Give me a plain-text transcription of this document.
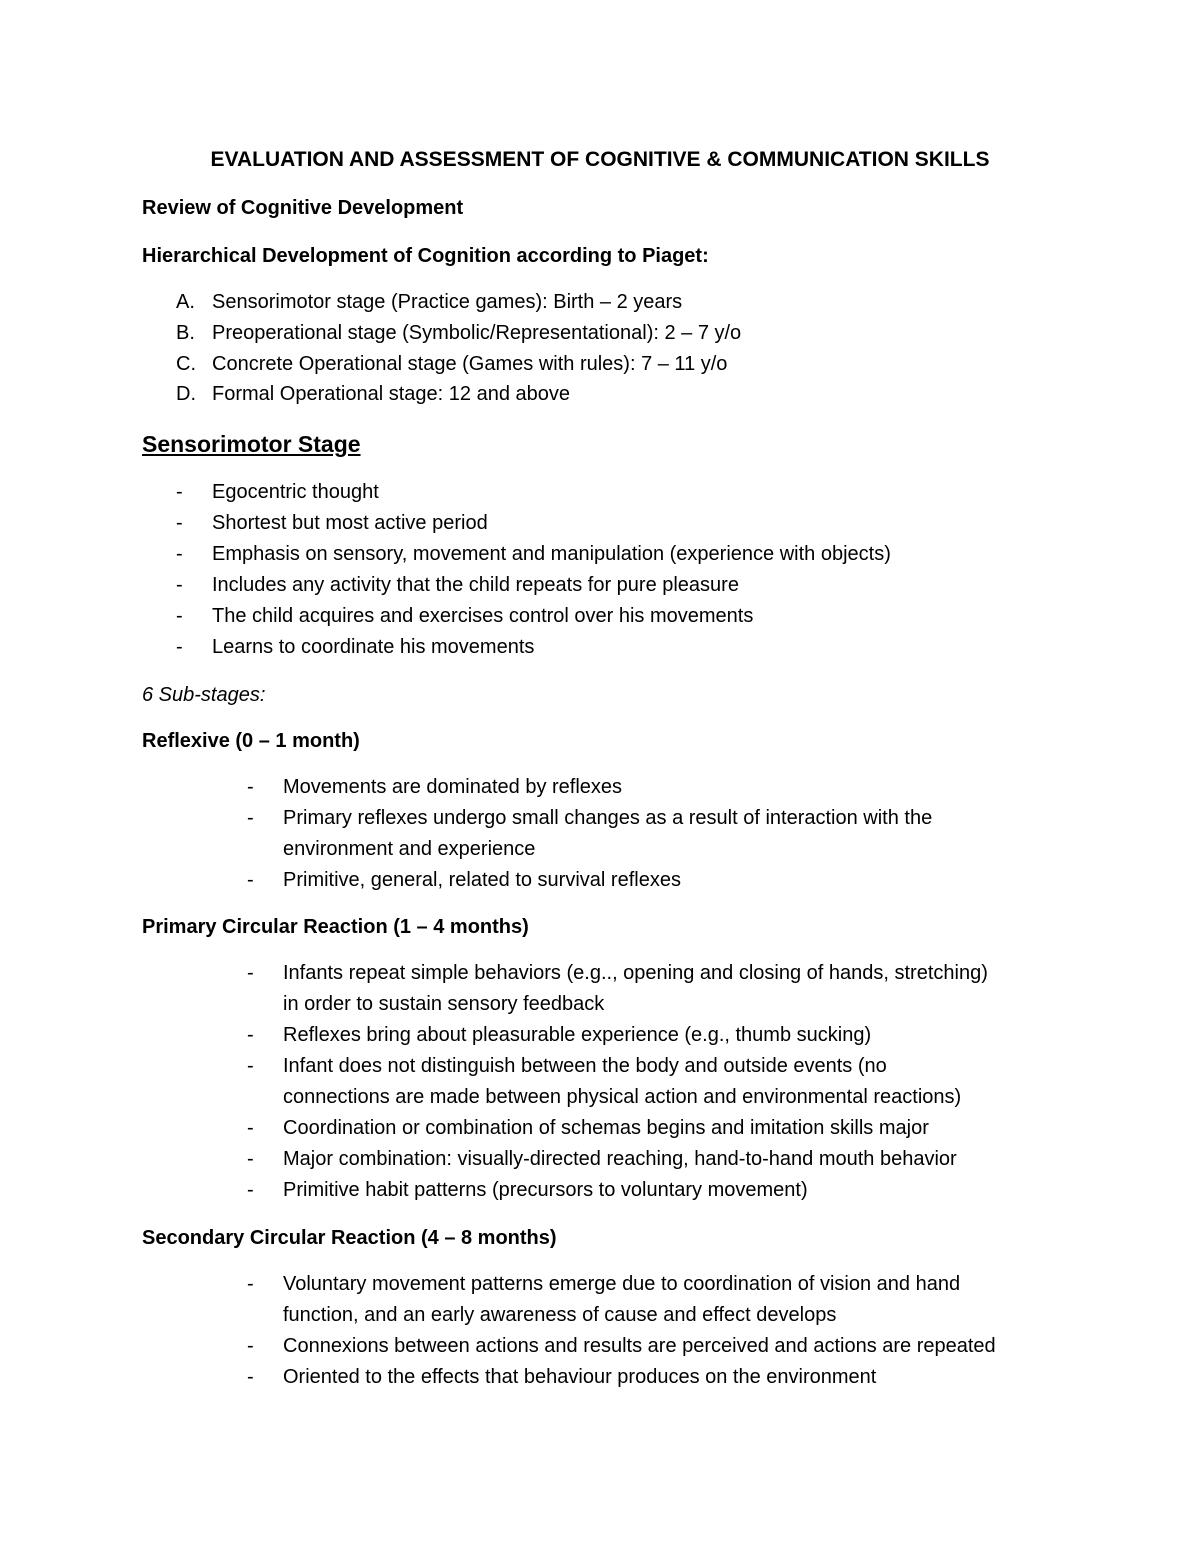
EVALUATION AND ASSESSMENT OF COGNITIVE & COMMUNICATION SKILLS
Review of Cognitive Development
Hierarchical Development of Cognition according to Piaget:
A. Sensorimotor stage (Practice games): Birth – 2 years
B. Preoperational stage (Symbolic/Representational): 2 – 7 y/o
C. Concrete Operational stage (Games with rules): 7 – 11 y/o
D. Formal Operational stage: 12 and above
Sensorimotor Stage
- Egocentric thought
- Shortest but most active period
- Emphasis on sensory, movement and manipulation (experience with objects)
- Includes any activity that the child repeats for pure pleasure
- The child acquires and exercises control over his movements
- Learns to coordinate his movements
6 Sub-stages:
Reflexive (0 – 1 month)
- Movements are dominated by reflexes
- Primary reflexes undergo small changes as a result of interaction with the
environment and experience
- Primitive, general, related to survival reflexes
Primary Circular Reaction (1 – 4 months)
- Infants repeat simple behaviors (e.g.., opening and closing of hands, stretching)
in order to sustain sensory feedback
- Reflexes bring about pleasurable experience (e.g., thumb sucking)
- Infant does not distinguish between the body and outside events (no
connections are made between physical action and environmental reactions)
- Coordination or combination of schemas begins and imitation skills major
- Major combination: visually-directed reaching, hand-to-hand mouth behavior
- Primitive habit patterns (precursors to voluntary movement)
Secondary Circular Reaction (4 – 8 months)
- Voluntary movement patterns emerge due to coordination of vision and hand
function, and an early awareness of cause and effect develops
- Connexions between actions and results are perceived and actions are repeated
- Oriented to the effects that behaviour produces on the environment
